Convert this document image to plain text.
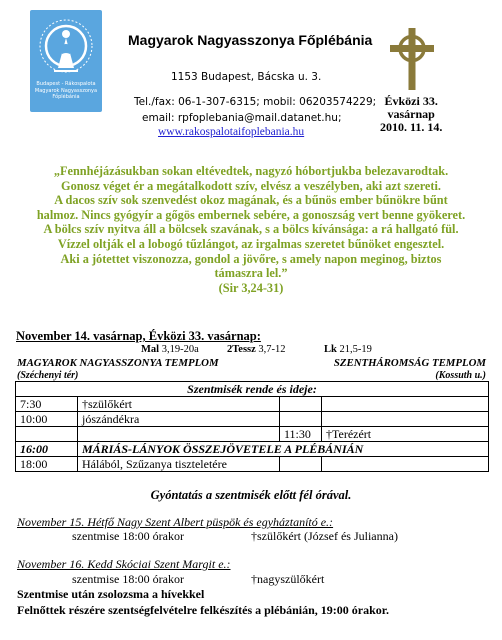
Budapest - Rákospalota
Magyarok Nagyasszonya
Főplébánia
Magyarok Nagyasszonya Főplébánia
1153 Budapest, Bácska u. 3.
Tel./fax: 06-1-307-6315; mobil: 06203574229;
email: rpfoplebania@mail.datanet.hu;
www.rakospalotaifoplebania.hu
Évközi 33.
vasárnap
2010. 11. 14.
„Fennhéjázásukban sokan eltévedtek, nagyzó hóbortjukba belezavarodtak.
Gonosz véget ér a megátalkodott szív, elvész a veszélyben, aki azt szereti.
A dacos szív sok szenvedést okoz magának, és a bűnös ember bűnökre bűnt
halmoz. Nincs gyógyír a gőgös embernek sebére, a gonoszság vert benne gyökeret.
A bölcs szív nyitva áll a bölcsek szavának, s a bölcs kívánsága: a rá hallgató fül.
Vízzel oltják el a lobogó tűzlángot, az irgalmas szeretet bűnöket engesztel.
Aki a jótettet viszonozza, gondol a jövőre, s amely napon meginog, biztos
támaszra lel.”
(Sir 3,24-31)
November 14. vasárnap, Évközi 33. vasárnap:
Mal 3,19-20a	2Tessz 3,7-12	Lk 21,5-19
MAGYAROK NAGYASSZONYA TEMPLOM	SZENTHÁROMSÁG TEMPLOM
(Széchenyi tér)	(Kossuth u.)
Szentmisék rende és ideje:			
7:30	†szülőkért		
10:00	jószándékra		
		11:30	†Terézért
16:00	MÁRIÁS-LÁNYOK ÖSSZEJÖVETELE A PLÉBÁNIÁN		
18:00	Hálából, Szűzanya tiszteletére		
Gyóntatás a szentmisék előtt fél órával.
November 15. Hétfő Nagy Szent Albert püspök és egyháztanító e.:
szentmise 18:00 órakor	†szülőkért (József és Julianna)
November 16. Kedd Skóciai Szent Margit e.:
szentmise 18:00 órakor	†nagyszülőkért
Szentmise után zsolozsma a hívekkel
Felnőttek részére szentségfelvételre felkészítés a plébánián, 19:00 órakor.
